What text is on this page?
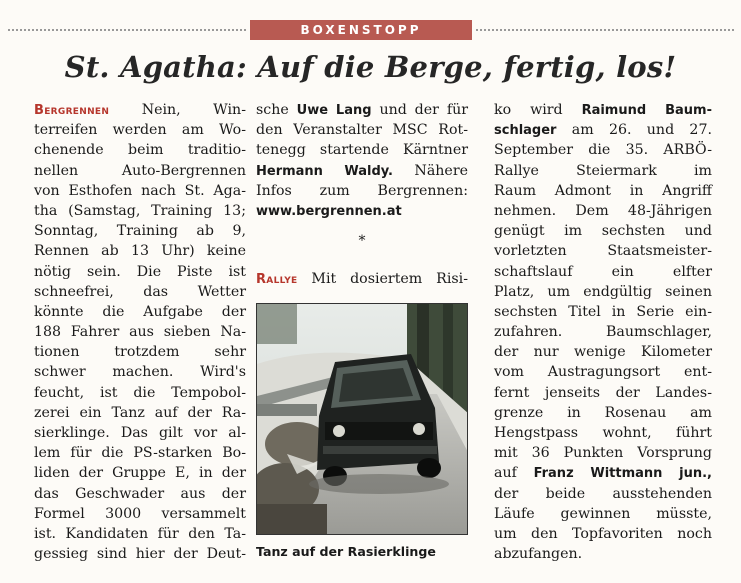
BOXENSTOPP
St. Agatha: Auf die Berge, fertig, los!
Bergrennen Nein, Win-
terreifen werden am Wo-
chenende beim traditio-
nellen Auto-Bergrennen
von Esthofen nach St. Aga-
tha (Samstag, Training 13;
Sonntag, Training ab 9,
Rennen ab 13 Uhr) keine
nötig sein. Die Piste ist
schneefrei, das Wetter
könnte die Aufgabe der
188 Fahrer aus sieben Na-
tionen trotzdem sehr
schwer machen. Wird's
feucht, ist die Tempobol-
zerei ein Tanz auf der Ra-
sierklinge. Das gilt vor al-
lem für die PS-starken Bo-
liden der Gruppe E, in der
das Geschwader aus der
Formel 3000 versammelt
ist. Kandidaten für den Ta-
gessieg sind hier der Deut-
sche Uwe Lang und der für
den Veranstalter MSC Rot-
tenegg startende Kärntner
Hermann Waldy. Nähere
Infos zum Bergrennen:
www.bergrennen.at
Rallye Mit dosiertem Risi-
*
Tanz auf der Rasierklinge
ko wird Raimund Baum-
schlager am 26. und 27.
September die 35. ARBÖ-
Rallye Steiermark im
Raum Admont in Angriff
nehmen. Dem 48-Jährigen
genügt im sechsten und
vorletzten Staatsmeister-
schaftslauf ein elfter
Platz, um endgültig seinen
sechsten Titel in Serie ein-
zufahren. Baumschlager,
der nur wenige Kilometer
vom Austragungsort ent-
fernt jenseits der Landes-
grenze in Rosenau am
Hengstpass wohnt, führt
mit 36 Punkten Vorsprung
auf Franz Wittmann jun.,
der beide ausstehenden
Läufe gewinnen müsste,
um den Topfavoriten noch
abzufangen.
